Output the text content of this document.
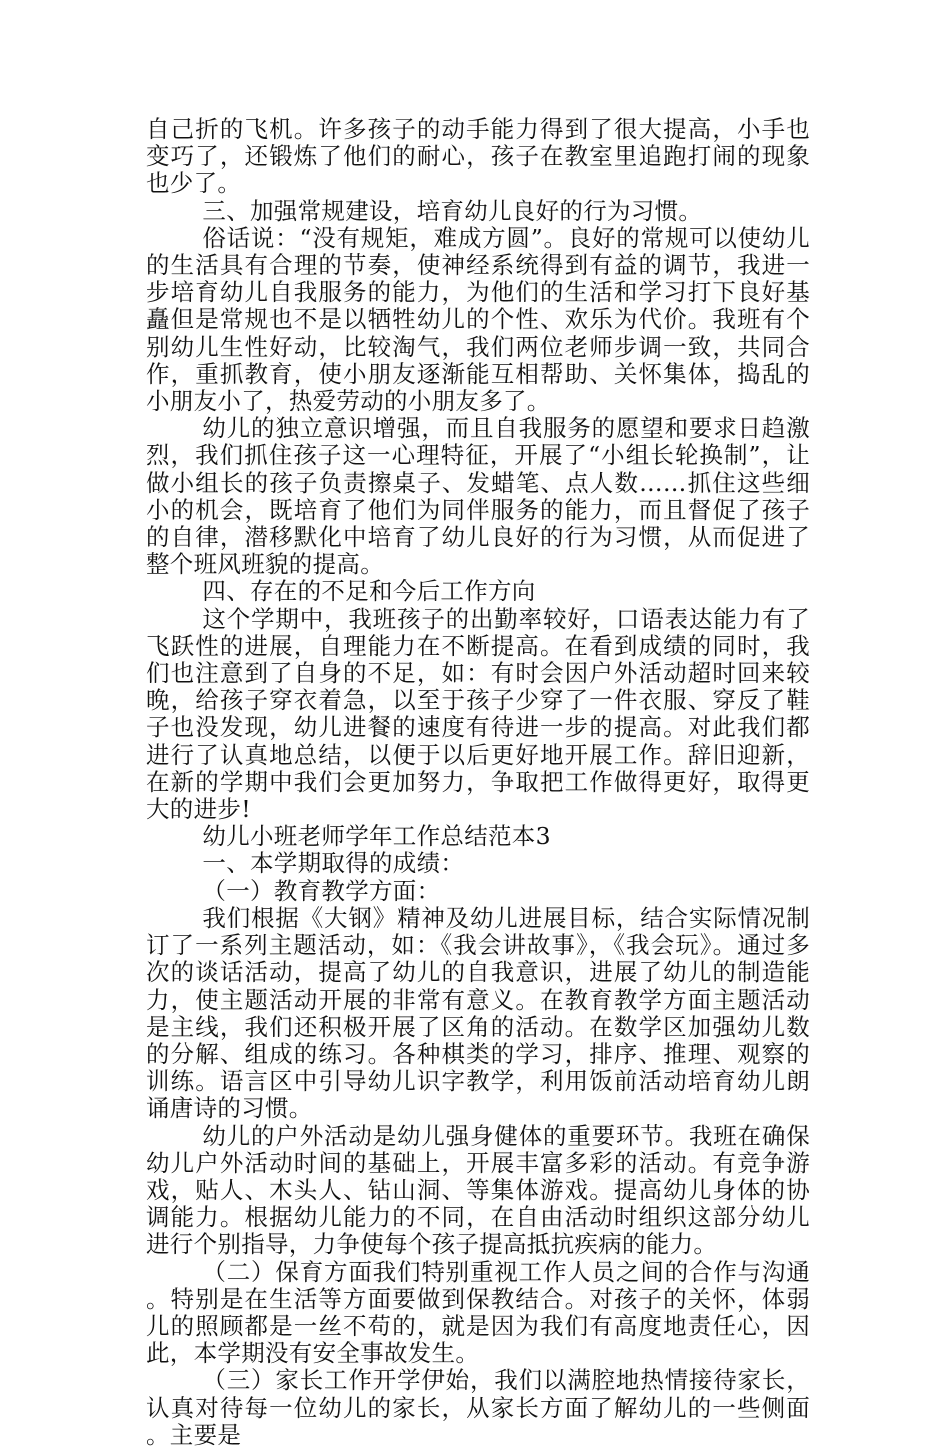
自己折的飞机。许多孩子的动手能力得到了很大提高，小手也变巧了，还锻炼了他们的耐心，孩子在教室里追跑打闹的现象也少了。

三、加强常规建设，培育幼儿良好的行为习惯。

俗话说：“没有规矩，难成方圆”。良好的常规可以使幼儿的生活具有合理的节奏，使神经系统得到有益的调节，我进一步培育幼儿自我服务的能力，为他们的生活和学习打下良好基矗但是常规也不是以牺牲幼儿的个性、欢乐为代价。我班有个别幼儿生性好动，比较淘气，我们两位老师步调一致，共同合作，重抓教育，使小朋友逐渐能互相帮助、关怀集体，捣乱的小朋友小了，热爱劳动的小朋友多了。

幼儿的独立意识增强，而且自我服务的愿望和要求日趋激烈，我们抓住孩子这一心理特征，开展了“小组长轮换制”，让做小组长的孩子负责擦桌子、发蜡笔、点人数……抓住这些细小的机会，既培育了他们为同伴服务的能力，而且督促了孩子的自律，潜移默化中培育了幼儿良好的行为习惯，从而促进了整个班风班貌的提高。

四、存在的不足和今后工作方向

这个学期中，我班孩子的出勤率较好，口语表达能力有了飞跃性的进展，自理能力在不断提高。在看到成绩的同时，我们也注意到了自身的不足，如：有时会因户外活动超时回来较晚，给孩子穿衣着急，以至于孩子少穿了一件衣服、穿反了鞋子也没发现，幼儿进餐的速度有待进一步的提高。对此我们都进行了认真地总结，以便于以后更好地开展工作。辞旧迎新，在新的学期中我们会更加努力，争取把工作做得更好，取得更大的进步!

幼儿小班老师学年工作总结范本3

一、本学期取得的成绩：

（一）教育教学方面：

我们根据《大钢》精神及幼儿进展目标，结合实际情况制订了一系列主题活动，如：《我会讲故事》，《我会玩》。通过多次的谈话活动，提高了幼儿的自我意识，进展了幼儿的制造能力，使主题活动开展的非常有意义。在教育教学方面主题活动是主线，我们还积极开展了区角的活动。在数学区加强幼儿数的分解、组成的练习。各种棋类的学习，排序、推理、观察的训练。语言区中引导幼儿识字教学，利用饭前活动培育幼儿朗诵唐诗的习惯。

幼儿的户外活动是幼儿强身健体的重要环节。我班在确保幼儿户外活动时间的基础上，开展丰富多彩的活动。有竞争游戏，贴人、木头人、钻山洞、等集体游戏。提高幼儿身体的协调能力。根据幼儿能力的不同，在自由活动时组织这部分幼儿进行个别指导，力争使每个孩子提高抵抗疾病的能力。

（二）保育方面我们特别重视工作人员之间的合作与沟通。特别是在生活等方面要做到保教结合。对孩子的关怀，体弱儿的照顾都是一丝不苟的，就是因为我们有高度地责任心，因此，本学期没有安全事故发生。

（三）家长工作开学伊始，我们以满腔地热情接待家长，认真对待每一位幼儿的家长，从家长方面了解幼儿的一些侧面。主要是
